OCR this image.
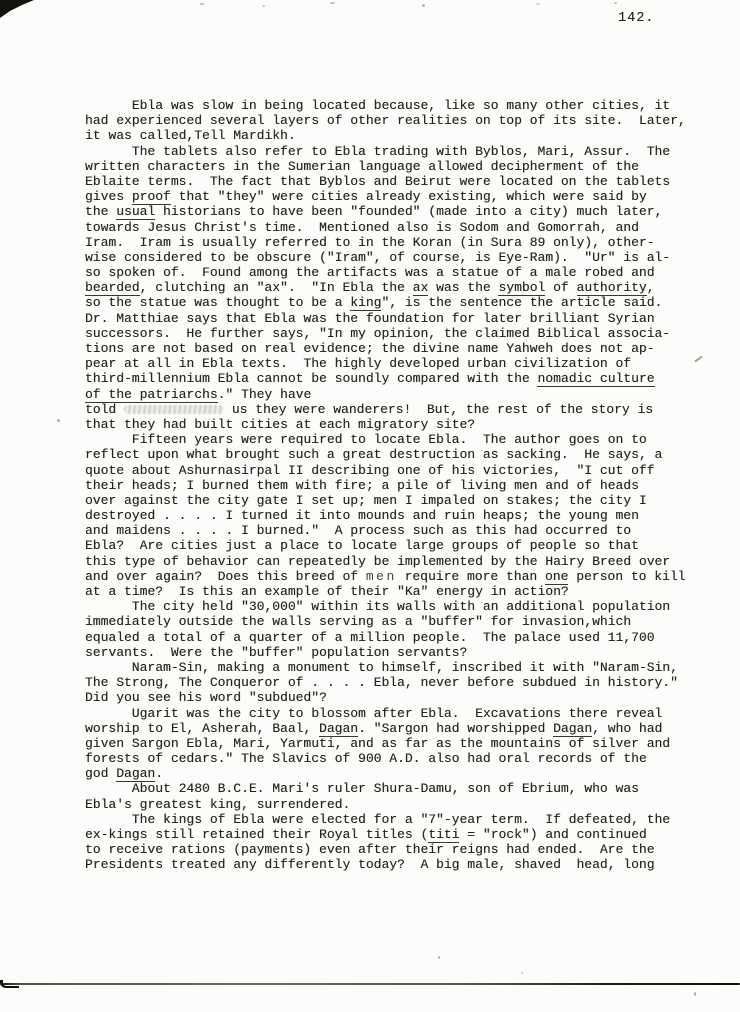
142.
Ebla was slow in being located because, like so many other cities, it
had experienced several layers of other realities on top of its site.  Later,
it was called,Tell Mardikh.
The tablets also refer to Ebla trading with Byblos, Mari, Assur.  The
written characters in the Sumerian language allowed decipherment of the
Eblaite terms.  The fact that Byblos and Beirut were located on the tablets
gives proof that "they" were cities already existing, which were said by
the usual historians to have been "founded" (made into a city) much later,
towards Jesus Christ's time.  Mentioned also is Sodom and Gomorrah, and
Iram.  Iram is usually referred to in the Koran (in Sura 89 only), other-
wise considered to be obscure ("Iram", of course, is Eye-Ram).  "Ur" is al-
so spoken of.  Found among the artifacts was a statue of a male robed and
bearded, clutching an "ax".  "In Ebla the ax was the symbol of authority,
so the statue was thought to be a king", is the sentence the article said.
Dr. Matthiae says that Ebla was the foundation for later brilliant Syrian
successors.  He further says, "In my opinion, the claimed Biblical associa-
tions are not based on real evidence; the divine name Yahweh does not ap-
pear at all in Ebla texts.  The highly developed urban civilization of
third-millennium Ebla cannot be soundly compared with the nomadic culture
of the patriarchs." They have
told	us they were wanderers!  But, the rest of the story is
that they had built cities at each migratory site?
Fifteen years were required to locate Ebla.  The author goes on to
reflect upon what brought such a great destruction as sacking.  He says, a
quote about Ashurnasirpal II describing one of his victories,  "I cut off
their heads; I burned them with fire; a pile of living men and of heads
over against the city gate I set up; men I impaled on stakes; the city I
destroyed . . . . I turned it into mounds and ruin heaps; the young men
and maidens . . . . I burned."  A process such as this had occurred to
Ebla?  Are cities just a place to locate large groups of people so that
this type of behavior can repeatedly be implemented by the Hairy Breed over
and over again?  Does this breed of men require more than one person to kill
at a time?  Is this an example of their "Ka" energy in action?
The city held "30,000" within its walls with an additional population
immediately outside the walls serving as a "buffer" for invasion,which
equaled a total of a quarter of a million people.  The palace used 11,700
servants.  Were the "buffer" population servants?
Naram-Sin, making a monument to himself, inscribed it with "Naram-Sin,
The Strong, The Conqueror of . . . . Ebla, never before subdued in history."
Did you see his word "subdued"?
Ugarit was the city to blossom after Ebla.  Excavations there reveal
worship to El, Asherah, Baal, Dagan. "Sargon had worshipped Dagan, who had
given Sargon Ebla, Mari, Yarmuti, and as far as the mountains of silver and
forests of cedars." The Slavics of 900 A.D. also had oral records of the
god Dagan.
About 2480 B.C.E. Mari's ruler Shura-Damu, son of Ebrium, who was
Ebla's greatest king, surrendered.
The kings of Ebla were elected for a "7"-year term.  If defeated, the
ex-kings still retained their Royal titles (titi = "rock") and continued
to receive rations (payments) even after their reigns had ended.  Are the
Presidents treated any differently today?  A big male, shaved  head, long
